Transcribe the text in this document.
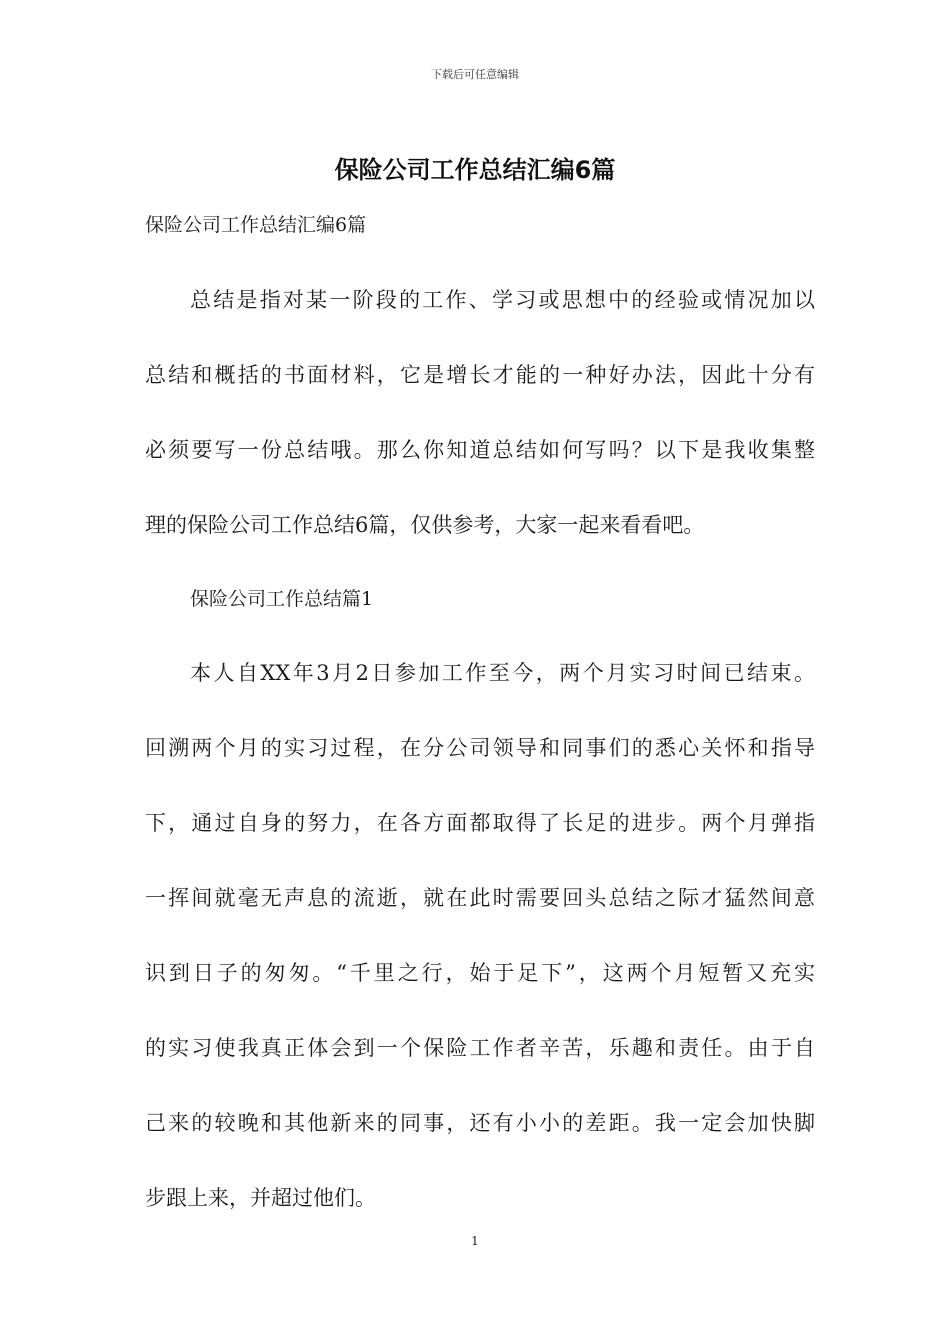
下载后可任意编辑
保险公司工作总结汇编6篇

保险公司工作总结汇编6篇

总结是指对某一阶段的工作、学习或思想中的经验或情况加以

总结和概括的书面材料，它是增长才能的一种好办法，因此十分有

必须要写一份总结哦。那么你知道总结如何写吗？以下是我收集整

理的保险公司工作总结6篇，仅供参考，大家一起来看看吧。

保险公司工作总结篇1

本人自XX年3月2日参加工作至今，两个月实习时间已结束。

回溯两个月的实习过程，在分公司领导和同事们的悉心关怀和指导

下，通过自身的努力，在各方面都取得了长足的进步。两个月弹指

一挥间就毫无声息的流逝，就在此时需要回头总结之际才猛然间意

识到日子的匆匆。“千里之行，始于足下”，这两个月短暂又充实

的实习使我真正体会到一个保险工作者辛苦，乐趣和责任。由于自

己来的较晚和其他新来的同事，还有小小的差距。我一定会加快脚

步跟上来，并超过他们。

1
